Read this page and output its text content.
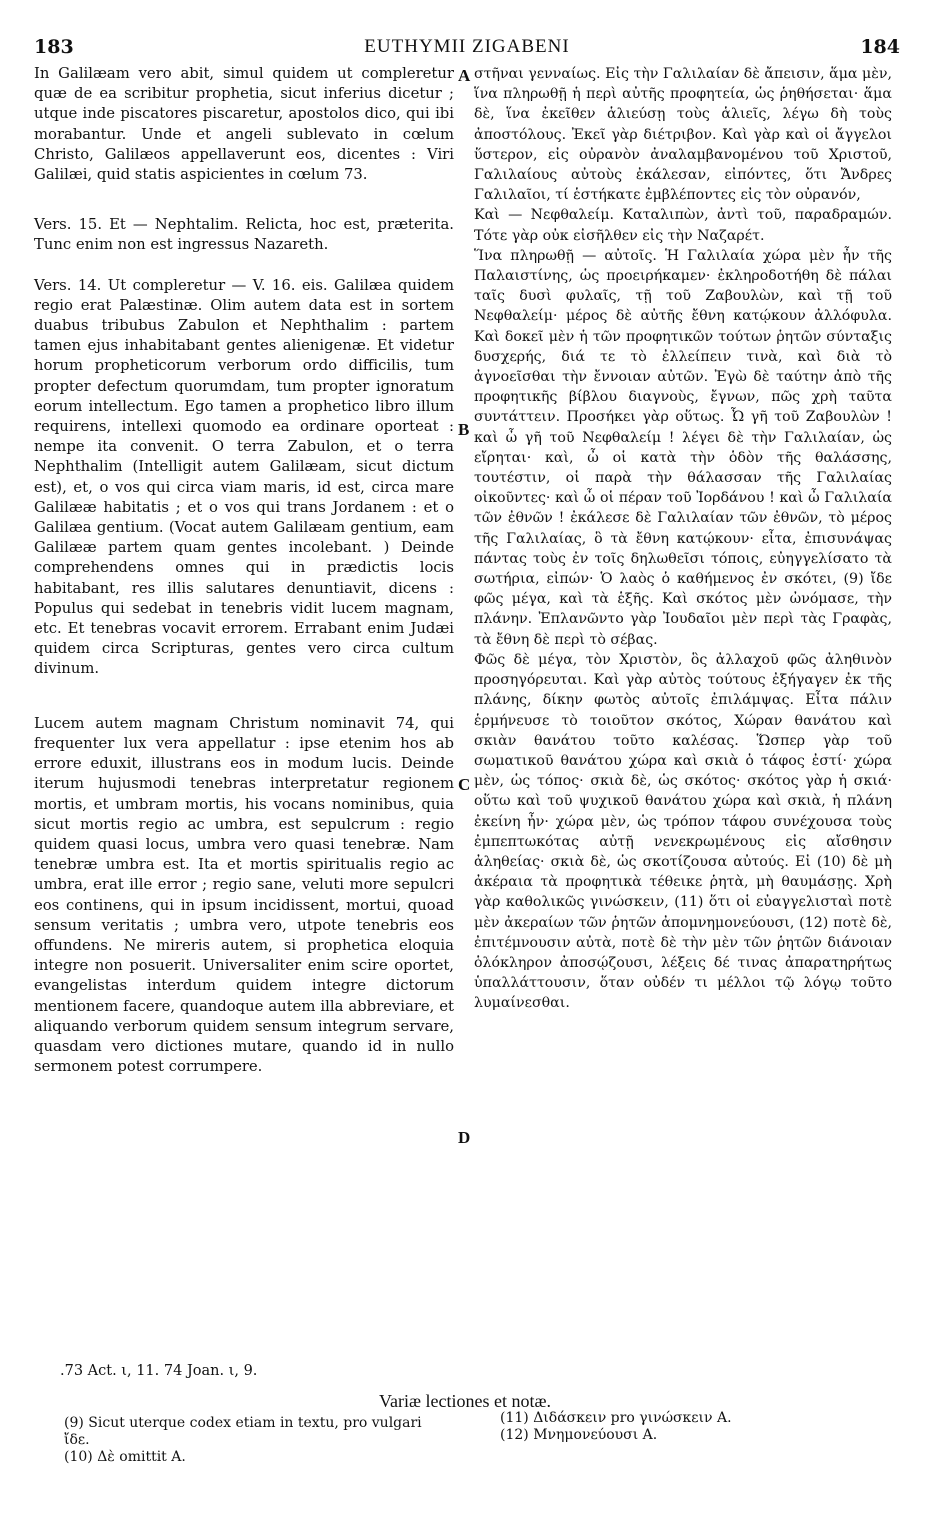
183	EUTHYMII ZIGABENI	184

In Galilæam vero abit, simul quidem ut compleretur quæ de ea scribitur prophetia, sicut inferius dicetur ; utque inde piscatores piscaretur, apostolos dico, qui ibi morabantur. Unde et angeli sublevato in cœlum Christo, Galilæos appellaverunt eos, dicentes : Viri Galilæi, quid statis aspicientes in cœlum 73.

Vers. 15. Et — Nephtalim. Relicta, hoc est, præterita. Tunc enim non est ingressus Nazareth.

Vers. 14. Ut compleretur — V. 16. eis. Galilæa quidem regio erat Palæstinæ. Olim autem data est in sortem duabus tribubus Zabulon et Nephthalim : partem tamen ejus inhabitabant gentes alienigenæ. Et videtur horum propheticorum verborum ordo difficilis, tum propter defectum quorumdam, tum propter ignoratum eorum intellectum. Ego tamen a prophetico libro illum requirens, intellexi quomodo ea ordinare oporteat : nempe ita convenit. O terra Zabulon, et o terra Nephthalim (Intelligit autem Galilæam, sicut dictum est), et, o vos qui circa viam maris, id est, circa mare Galilææ habitatis ; et o vos qui trans Jordanem : et o Galilæa gentium. (Vocat autem Galilæam gentium, eam Galilææ partem quam gentes incolebant. ) Deinde comprehendens omnes qui in prædictis locis habitabant, res illis salutares denuntiavit, dicens : Populus qui sedebat in tenebris vidit lucem magnam, etc. Et tenebras vocavit errorem. Errabant enim Judæi quidem circa Scripturas, gentes vero circa cultum divinum.

Lucem autem magnam Christum nominavit 74, qui frequenter lux vera appellatur : ipse etenim hos ab errore eduxit, illustrans eos in modum lucis. Deinde iterum hujusmodi tenebras interpretatur regionem mortis, et umbram mortis, his vocans nominibus, quia sicut mortis regio ac umbra, est sepulcrum : regio quidem quasi locus, umbra vero quasi tenebræ. Nam tenebræ umbra est. Ita et mortis spiritualis regio ac umbra, erat ille error ; regio sane, veluti more sepulcri eos continens, qui in ipsum incidissent, mortui, quoad sensum veritatis ; umbra vero, utpote tenebris eos offundens. Ne mireris autem, si prophetica eloquia integre non posuerit. Universaliter enim scire oportet, evangelistas interdum quidem integre dictorum mentionem facere, quandoque autem illa abbreviare, et aliquando verborum quidem sensum integrum servare, quasdam vero dictiones mutare, quando id in nullo sermonem potest corrumpere.

στῆναι γενναίως. Εἰς τὴν Γαλιλαίαν δὲ ἄπεισιν, ἅμα μὲν, ἵνα πληρωθῇ ἡ περὶ αὐτῆς προφητεία, ὡς ῥηθήσεται· ἅμα δὲ, ἵνα ἐκεῖθεν ἁλιεύσῃ τοὺς ἁλιεῖς, λέγω δὴ τοὺς ἀποστόλους. Ἐκεῖ γὰρ διέτριβον. Καὶ γὰρ καὶ οἱ ἄγγελοι ὕστερον, εἰς οὐρανὸν ἀναλαμβανομένου τοῦ Χριστοῦ, Γαλιλαίους αὐτοὺς ἐκάλεσαν, εἰπόντες, ὅτι Ἄνδρες Γαλιλαῖοι, τί ἑστήκατε ἐμβλέποντες εἰς τὸν οὐρανόν,

Καὶ — Νεφθαλείμ. Καταλιπὼν, ἀντὶ τοῦ, παραδραμών. Τότε γὰρ οὐκ εἰσῆλθεν εἰς τὴν Ναζαρέτ.

Ἵνα πληρωθῇ — αὐτοῖς. Ἡ Γαλιλαία χώρα μὲν ἦν τῆς Παλαιστίνης, ὡς προειρήκαμεν· ἐκληροδοτήθη δὲ πάλαι ταῖς δυσὶ φυλαῖς, τῇ τοῦ Ζαβουλὼν, καὶ τῇ τοῦ Νεφθαλείμ· μέρος δὲ αὐτῆς ἔθνη κατῴκουν ἀλλόφυλα. Καὶ δοκεῖ μὲν ἡ τῶν προφητικῶν τούτων ῥητῶν σύνταξις δυσχερής, διά τε τὸ ἐλλείπειν τινὰ, καὶ διὰ τὸ ἀγνοεῖσθαι τὴν ἔννοιαν αὐτῶν. Ἐγὼ δὲ ταύτην ἀπὸ τῆς προφητικῆς βίβλου διαγνοὺς, ἔγνων, πῶς χρὴ ταῦτα συντάττειν. Προσήκει γὰρ οὕτως. Ὦ γῆ τοῦ Ζαβουλὼν ! καὶ ὦ γῆ τοῦ Νεφθαλείμ ! λέγει δὲ τὴν Γαλιλαίαν, ὡς εἴρηται· καὶ, ὦ οἱ κατὰ τὴν ὁδὸν τῆς θαλάσσης, τουτέστιν, οἱ παρὰ τὴν θάλασσαν τῆς Γαλιλαίας οἰκοῦντες· καὶ ὦ οἱ πέραν τοῦ Ἰορδάνου ! καὶ ὦ Γαλιλαία τῶν ἐθνῶν ! ἐκάλεσε δὲ Γαλιλαίαν τῶν ἐθνῶν, τὸ μέρος τῆς Γαλιλαίας, ὃ τὰ ἔθνη κατῴκουν· εἶτα, ἐπισυνάψας πάντας τοὺς ἐν τοῖς δηλωθεῖσι τόποις, εὐηγγελίσατο τὰ σωτήρια, εἰπών· Ὁ λαὸς ὁ καθήμενος ἐν σκότει, (9) ἴδε φῶς μέγα, καὶ τὰ ἑξῆς. Καὶ σκότος μὲν ὠνόμασε, τὴν πλάνην. Ἐπλανῶντο γὰρ Ἰουδαῖοι μὲν περὶ τὰς Γραφὰς, τὰ ἔθνη δὲ περὶ τὸ σέβας.

Φῶς δὲ μέγα, τὸν Χριστὸν, ὃς ἀλλαχοῦ φῶς ἀληθινὸν προσηγόρευται. Καὶ γὰρ αὐτὸς τούτους ἐξήγαγεν ἐκ τῆς πλάνης, δίκην φωτὸς αὐτοῖς ἐπιλάμψας. Εἶτα πάλιν ἑρμήνευσε τὸ τοιοῦτον σκότος, Χώραν θανάτου καὶ σκιὰν θανάτου τοῦτο καλέσας. Ὥσπερ γὰρ τοῦ σωματικοῦ θανάτου χώρα καὶ σκιὰ ὁ τάφος ἐστί· χώρα μὲν, ὡς τόπος· σκιὰ δὲ, ὡς σκότος· σκότος γὰρ ἡ σκιά· οὕτω καὶ τοῦ ψυχικοῦ θανάτου χώρα καὶ σκιὰ, ἡ πλάνη ἐκείνη ἦν· χώρα μὲν, ὡς τρόπον τάφου συνέχουσα τοὺς ἐμπεπτωκότας αὐτῇ νενεκρωμένους εἰς αἴσθησιν ἀληθείας· σκιὰ δὲ, ὡς σκοτίζουσα αὐτούς. Εἰ (10) δὲ μὴ ἀκέραια τὰ προφητικὰ τέθεικε ῥητὰ, μὴ θαυμάσῃς. Χρὴ γὰρ καθολικῶς γινώσκειν, (11) ὅτι οἱ εὐαγγελισταὶ ποτὲ μὲν ἀκεραίων τῶν ῥητῶν ἀπομνημονεύουσι, (12) ποτὲ δὲ, ἐπιτέμνουσιν αὐτὰ, ποτὲ δὲ τὴν μὲν τῶν ῥητῶν διάνοιαν ὁλόκληρον ἀποσῴζουσι, λέξεις δέ τινας ἀπαρατηρήτως ὑπαλλάττουσιν, ὅταν οὐδέν τι μέλλοι τῷ λόγῳ τοῦτο λυμαίνεσθαι.

A
B
C
D
.73 Act. ι, 11. 74 Joan. ι, 9.
Variæ lectiones et notæ.
(9) Sicut uterque codex etiam in textu, pro vulgari ἴδε.
(10) Δὲ omittit A.
(11) Διδάσκειν pro γινώσκειν A.
(12) Μνημονεύουσι A.
